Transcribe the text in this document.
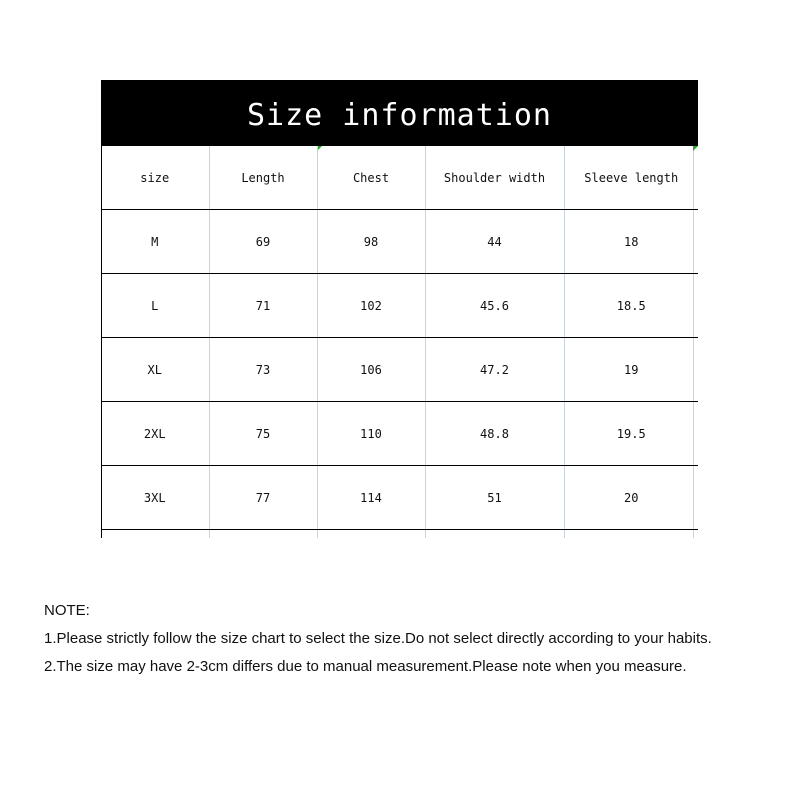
Size information
size	Length	Chest	Shoulder width	Sleeve length
M	69	98	44	18
L	71	102	45.6	18.5
XL	73	106	47.2	19
2XL	75	110	48.8	19.5
3XL	77	114	51	20
NOTE:
1.Please strictly follow the size chart to select the size.Do not select directly according to your habits.
2.The size may have 2-3cm differs due to manual measurement.Please note when you measure.
